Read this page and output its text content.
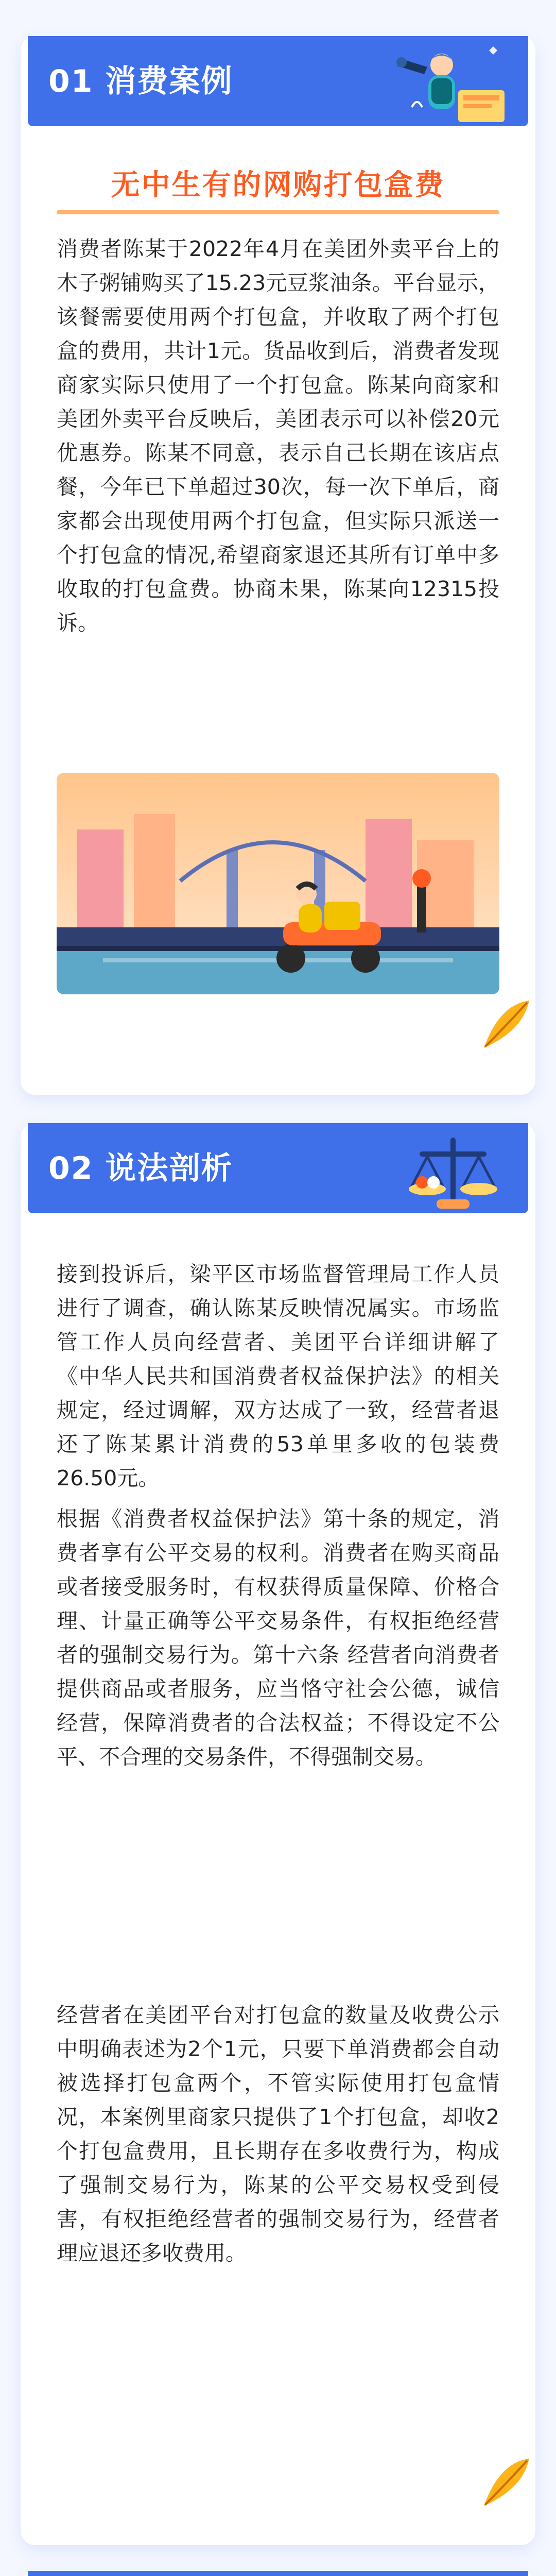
01 消费案例
无中生有的网购打包盒费

消费者陈某于2022年4月在美团外卖平台上的木子粥铺购买了15.23元豆浆油条。平台显示，该餐需要使用两个打包盒，并收取了两个打包盒的费用，共计1元。货品收到后，消费者发现商家实际只使用了一个打包盒。陈某向商家和美团外卖平台反映后，美团表示可以补偿20元优惠券。陈某不同意，表示自己长期在该店点餐，今年已下单超过30次，每一次下单后，商家都会出现使用两个打包盒，但实际只派送一个打包盒的情况,希望商家退还其所有订单中多收取的打包盒费。协商未果，陈某向12315投诉。

02 说法剖析

接到投诉后，梁平区市场监督管理局工作人员进行了调查，确认陈某反映情况属实。市场监管工作人员向经营者、美团平台详细讲解了《中华人民共和国消费者权益保护法》的相关规定，经过调解，双方达成了一致，经营者退还了陈某累计消费的53单里多收的包装费26.50元。

根据《消费者权益保护法》第十条的规定，消费者享有公平交易的权利。消费者在购买商品或者接受服务时，有权获得质量保障、价格合理、计量正确等公平交易条件，有权拒绝经营者的强制交易行为。第十六条 经营者向消费者提供商品或者服务，应当恪守社会公德，诚信经营，保障消费者的合法权益；不得设定不公平、不合理的交易条件，不得强制交易。

经营者在美团平台对打包盒的数量及收费公示中明确表述为2个1元，只要下单消费都会自动被选择打包盒两个，不管实际使用打包盒情况，本案例里商家只提供了1个打包盒，却收2个打包盒费用，且长期存在多收费行为，构成了强制交易行为，陈某的公平交易权受到侵害，有权拒绝经营者的强制交易行为，经营者理应退还多收费用。
